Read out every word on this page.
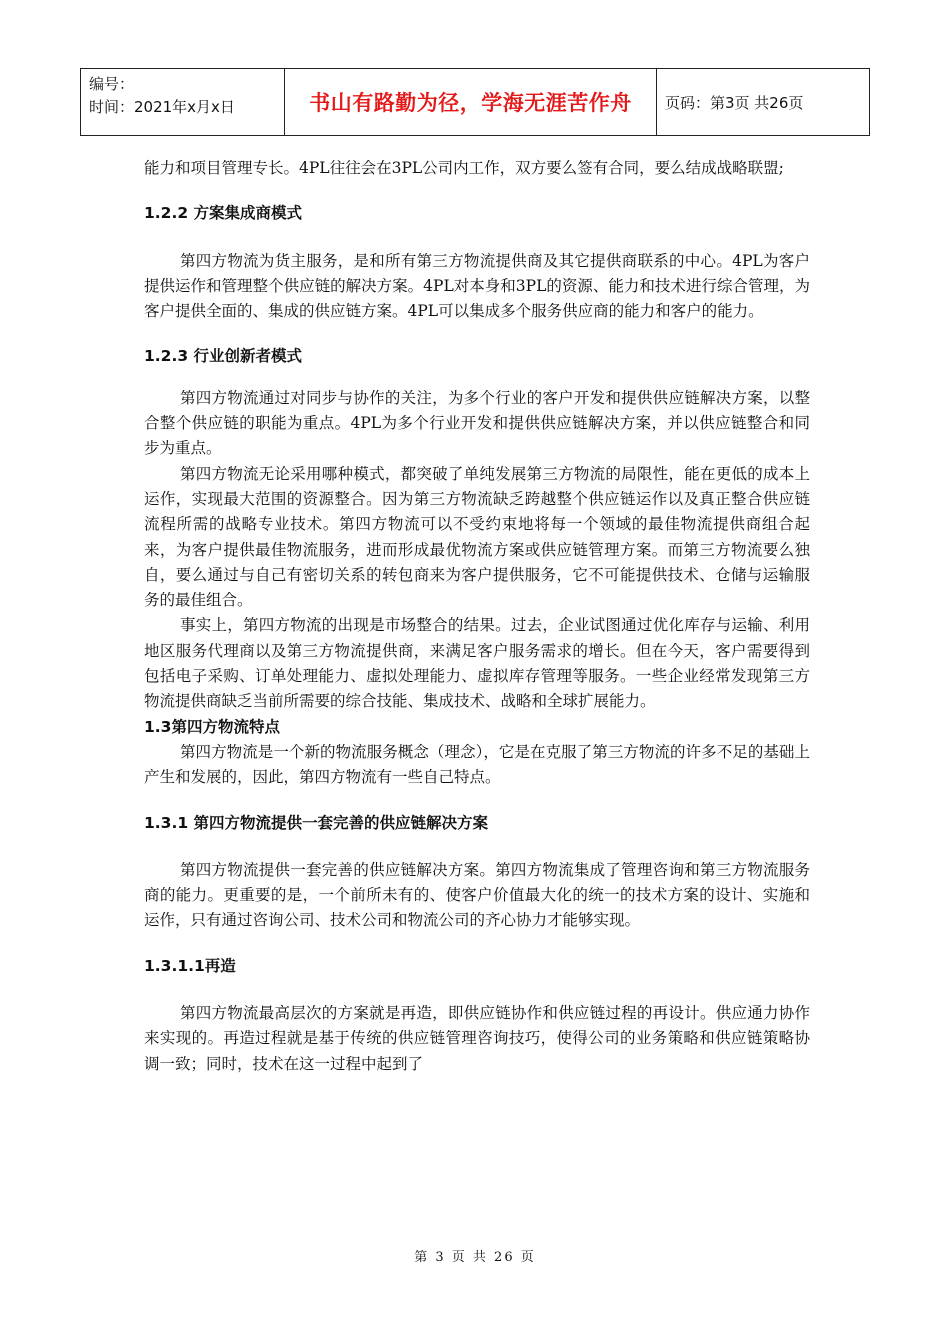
编号：
时间：2021年x月x日	书山有路勤为径，学海无涯苦作舟	页码：第3页 共26页

能力和项目管理专长。4PL往往会在3PL公司内工作，双方要么签有合同，要么结成战略联盟;

1.2.2 方案集成商模式

第四方物流为货主服务，是和所有第三方物流提供商及其它提供商联系的中心。4PL为客户提供运作和管理整个供应链的解决方案。4PL对本身和3PL的资源、能力和技术进行综合管理，为客户提供全面的、集成的供应链方案。4PL可以集成多个服务供应商的能力和客户的能力。

1.2.3 行业创新者模式

第四方物流通过对同步与协作的关注，为多个行业的客户开发和提供供应链解决方案，以整合整个供应链的职能为重点。4PL为多个行业开发和提供供应链解决方案，并以供应链整合和同步为重点。

第四方物流无论采用哪种模式，都突破了单纯发展第三方物流的局限性，能在更低的成本上运作，实现最大范围的资源整合。因为第三方物流缺乏跨越整个供应链运作以及真正整合供应链流程所需的战略专业技术。第四方物流可以不受约束地将每一个领域的最佳物流提供商组合起来，为客户提供最佳物流服务，进而形成最优物流方案或供应链管理方案。而第三方物流要么独自，要么通过与自己有密切关系的转包商来为客户提供服务，它不可能提供技术、仓储与运输服务的最佳组合。

事实上，第四方物流的出现是市场整合的结果。过去，企业试图通过优化库存与运输、利用地区服务代理商以及第三方物流提供商，来满足客户服务需求的增长。但在今天，客户需要得到包括电子采购、订单处理能力、虚拟处理能力、虚拟库存管理等服务。一些企业经常发现第三方物流提供商缺乏当前所需要的综合技能、集成技术、战略和全球扩展能力。

1.3第四方物流特点

第四方物流是一个新的物流服务概念（理念），它是在克服了第三方物流的许多不足的基础上产生和发展的，因此，第四方物流有一些自己特点。

1.3.1 第四方物流提供一套完善的供应链解决方案

第四方物流提供一套完善的供应链解决方案。第四方物流集成了管理咨询和第三方物流服务商的能力。更重要的是，一个前所未有的、使客户价值最大化的统一的技术方案的设计、实施和运作，只有通过咨询公司、技术公司和物流公司的齐心协力才能够实现。

1.3.1.1再造

第四方物流最高层次的方案就是再造，即供应链协作和供应链过程的再设计。供应通力协作来实现的。再造过程就是基于传统的供应链管理咨询技巧，使得公司的业务策略和供应链策略协调一致；同时，技术在这一过程中起到了

第 3 页 共 26 页
